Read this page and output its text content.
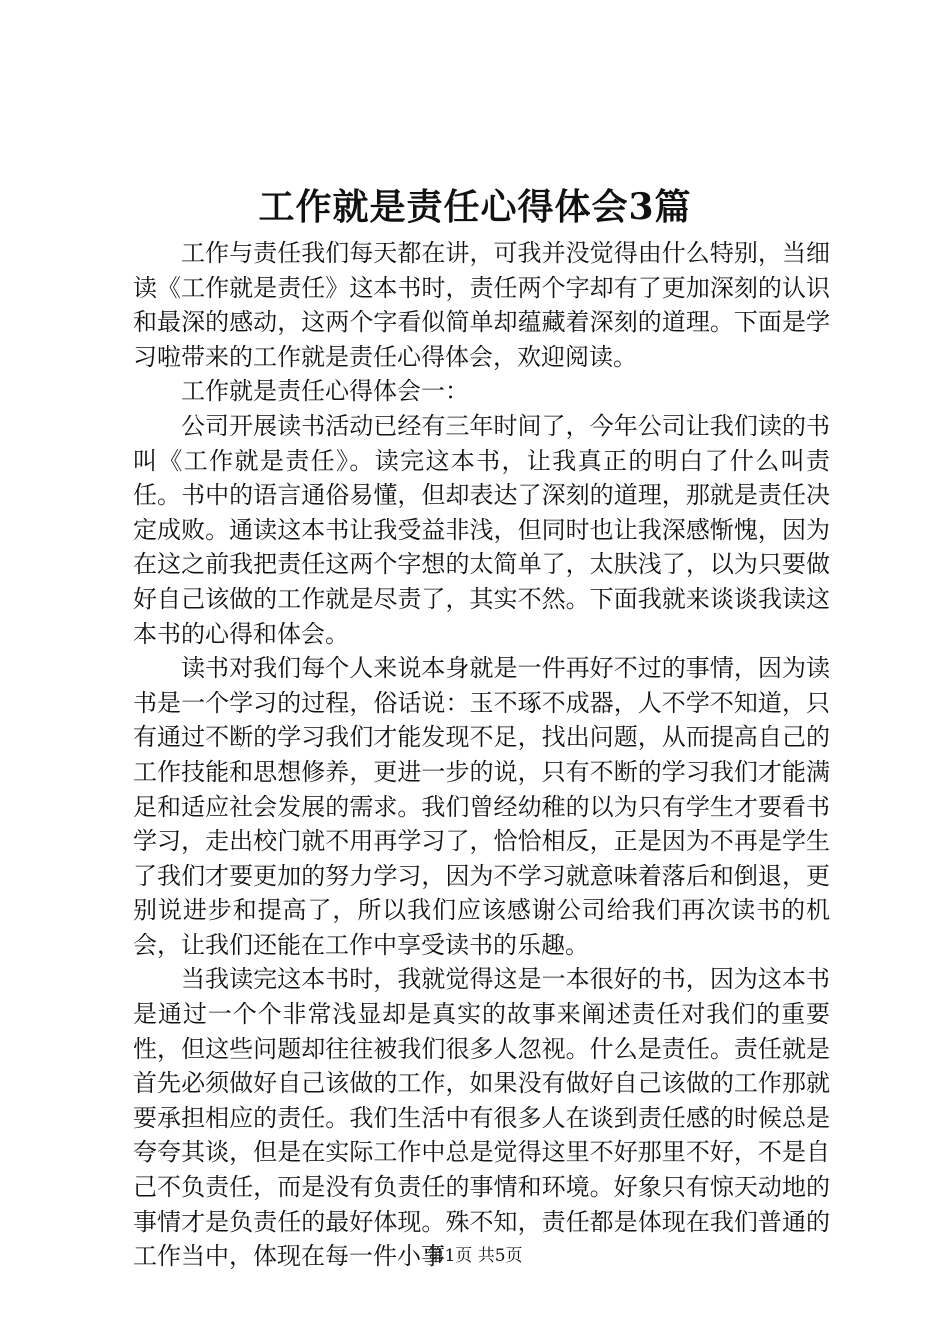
工作就是责任心得体会3篇

工作与责任我们每天都在讲，可我并没觉得由什么特别，当细读《工作就是责任》这本书时，责任两个字却有了更加深刻的认识和最深的感动，这两个字看似简单却蕴藏着深刻的道理。下面是学习啦带来的工作就是责任心得体会，欢迎阅读。

工作就是责任心得体会一：

公司开展读书活动已经有三年时间了，今年公司让我们读的书叫《工作就是责任》。读完这本书，让我真正的明白了什么叫责任。书中的语言通俗易懂，但却表达了深刻的道理，那就是责任决定成败。通读这本书让我受益非浅，但同时也让我深感惭愧，因为在这之前我把责任这两个字想的太简单了，太肤浅了，以为只要做好自己该做的工作就是尽责了，其实不然。下面我就来谈谈我读这本书的心得和体会。

读书对我们每个人来说本身就是一件再好不过的事情，因为读书是一个学习的过程，俗话说：玉不琢不成器，人不学不知道，只有通过不断的学习我们才能发现不足，找出问题，从而提高自己的工作技能和思想修养，更进一步的说，只有不断的学习我们才能满足和适应社会发展的需求。我们曾经幼稚的以为只有学生才要看书学习，走出校门就不用再学习了，恰恰相反，正是因为不再是学生了我们才要更加的努力学习，因为不学习就意味着落后和倒退，更别说进步和提高了，所以我们应该感谢公司给我们再次读书的机会，让我们还能在工作中享受读书的乐趣。

当我读完这本书时，我就觉得这是一本很好的书，因为这本书是通过一个个非常浅显却是真实的故事来阐述责任对我们的重要性，但这些问题却往往被我们很多人忽视。什么是责任。责任就是首先必须做好自己该做的工作，如果没有做好自己该做的工作那就要承担相应的责任。我们生活中有很多人在谈到责任感的时候总是夸夸其谈，但是在实际工作中总是觉得这里不好那里不好，不是自己不负责任，而是没有负责任的事情和环境。好象只有惊天动地的事情才是负责任的最好体现。殊不知，责任都是体现在我们普通的工作当中，体现在每一件小事

第1页 共5页
